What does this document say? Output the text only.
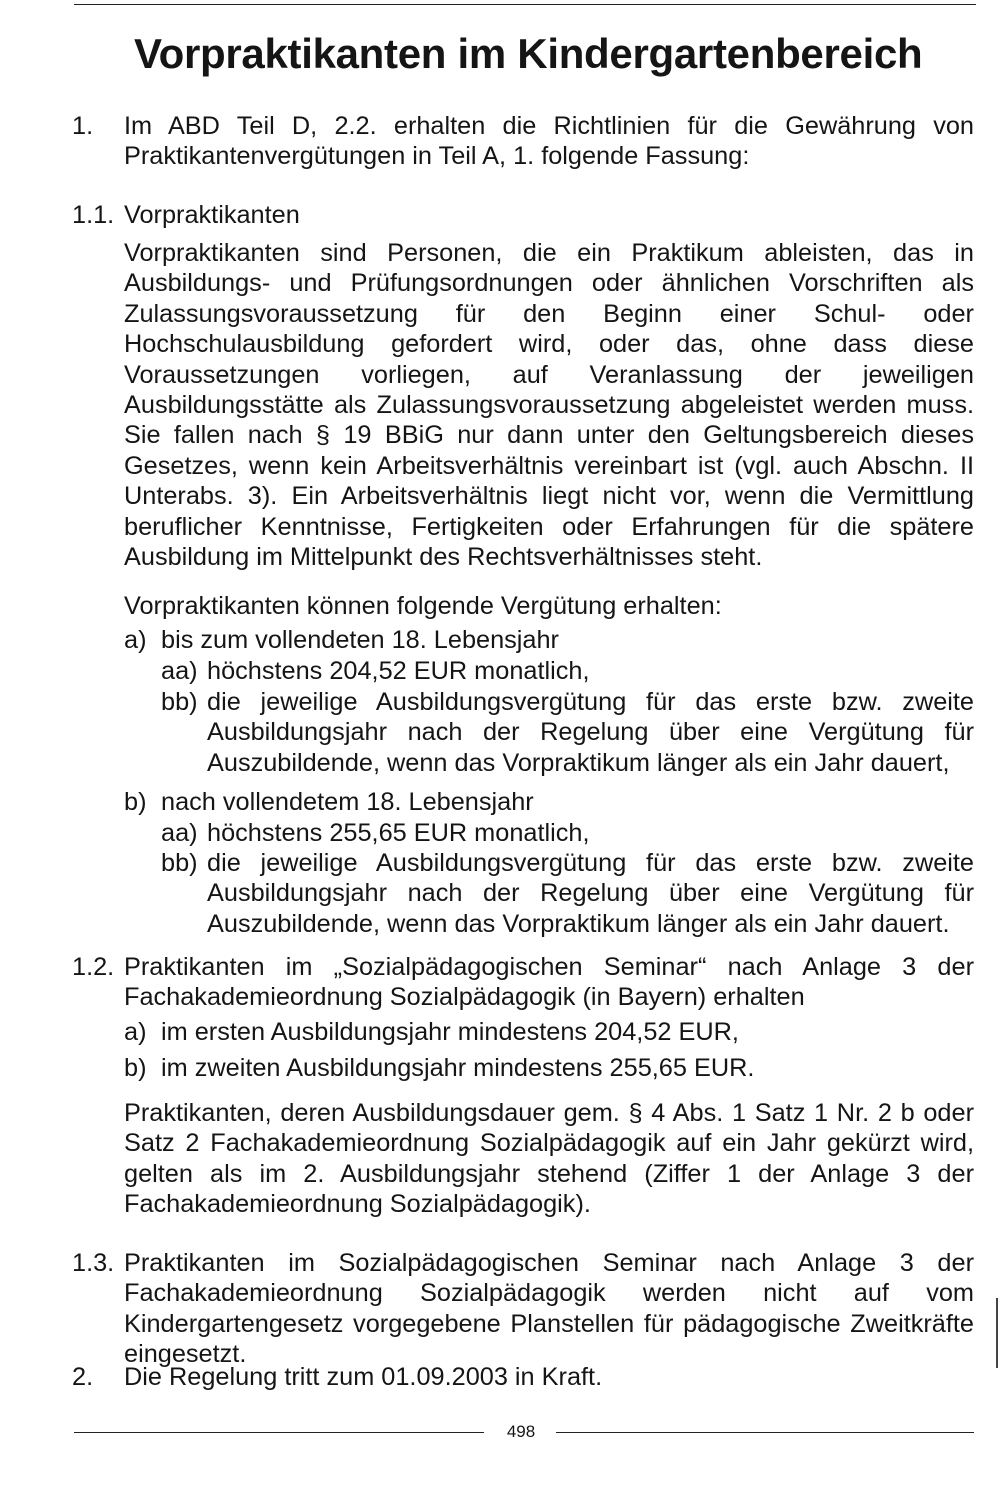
Vorpraktikanten im Kindergartenbereich
1. Im ABD Teil D, 2.2. erhalten die Richtlinien für die Gewährung von Praktikantenvergütungen in Teil A, 1. folgende Fassung:
1.1. Vorpraktikanten
Vorpraktikanten sind Personen, die ein Praktikum ableisten, das in Ausbildungs- und Prüfungsordnungen oder ähnlichen Vorschriften als Zulassungsvoraussetzung für den Beginn einer Schul- oder Hochschulausbildung gefordert wird, oder das, ohne dass diese Voraussetzungen vorliegen, auf Veranlassung der jeweiligen Ausbildungsstätte als Zulassungsvoraussetzung abgeleistet werden muss. Sie fallen nach § 19 BBiG nur dann unter den Geltungsbereich dieses Gesetzes, wenn kein Arbeitsverhältnis vereinbart ist (vgl. auch Abschn. II Unterabs. 3). Ein Arbeitsverhältnis liegt nicht vor, wenn die Vermittlung beruflicher Kenntnisse, Fertigkeiten oder Erfahrungen für die spätere Ausbildung im Mittelpunkt des Rechtsverhältnisses steht.
Vorpraktikanten können folgende Vergütung erhalten:
a) bis zum vollendeten 18. Lebensjahr
aa) höchstens 204,52 EUR monatlich,
bb) die jeweilige Ausbildungsvergütung für das erste bzw. zweite Ausbildungsjahr nach der Regelung über eine Vergütung für Auszubildende, wenn das Vorpraktikum länger als ein Jahr dauert,
b) nach vollendetem 18. Lebensjahr
aa) höchstens 255,65 EUR monatlich,
bb) die jeweilige Ausbildungsvergütung für das erste bzw. zweite Ausbildungsjahr nach der Regelung über eine Vergütung für Auszubildende, wenn das Vorpraktikum länger als ein Jahr dauert.
1.2. Praktikanten im „Sozialpädagogischen Seminar“ nach Anlage 3 der Fachakademieordnung Sozialpädagogik (in Bayern) erhalten
a) im ersten Ausbildungsjahr mindestens 204,52 EUR,
b) im zweiten Ausbildungsjahr mindestens 255,65 EUR.
Praktikanten, deren Ausbildungsdauer gem. § 4 Abs. 1 Satz 1 Nr. 2 b oder Satz 2 Fachakademieordnung Sozialpädagogik auf ein Jahr gekürzt wird, gelten als im 2. Ausbildungsjahr stehend (Ziffer 1 der Anlage 3 der Fachakademieordnung Sozialpädagogik).
1.3. Praktikanten im Sozialpädagogischen Seminar nach Anlage 3 der Fachakademieordnung Sozialpädagogik werden nicht auf vom Kindergartengesetz vorgegebene Planstellen für pädagogische Zweitkräfte eingesetzt.
2. Die Regelung tritt zum 01.09.2003 in Kraft.
498
